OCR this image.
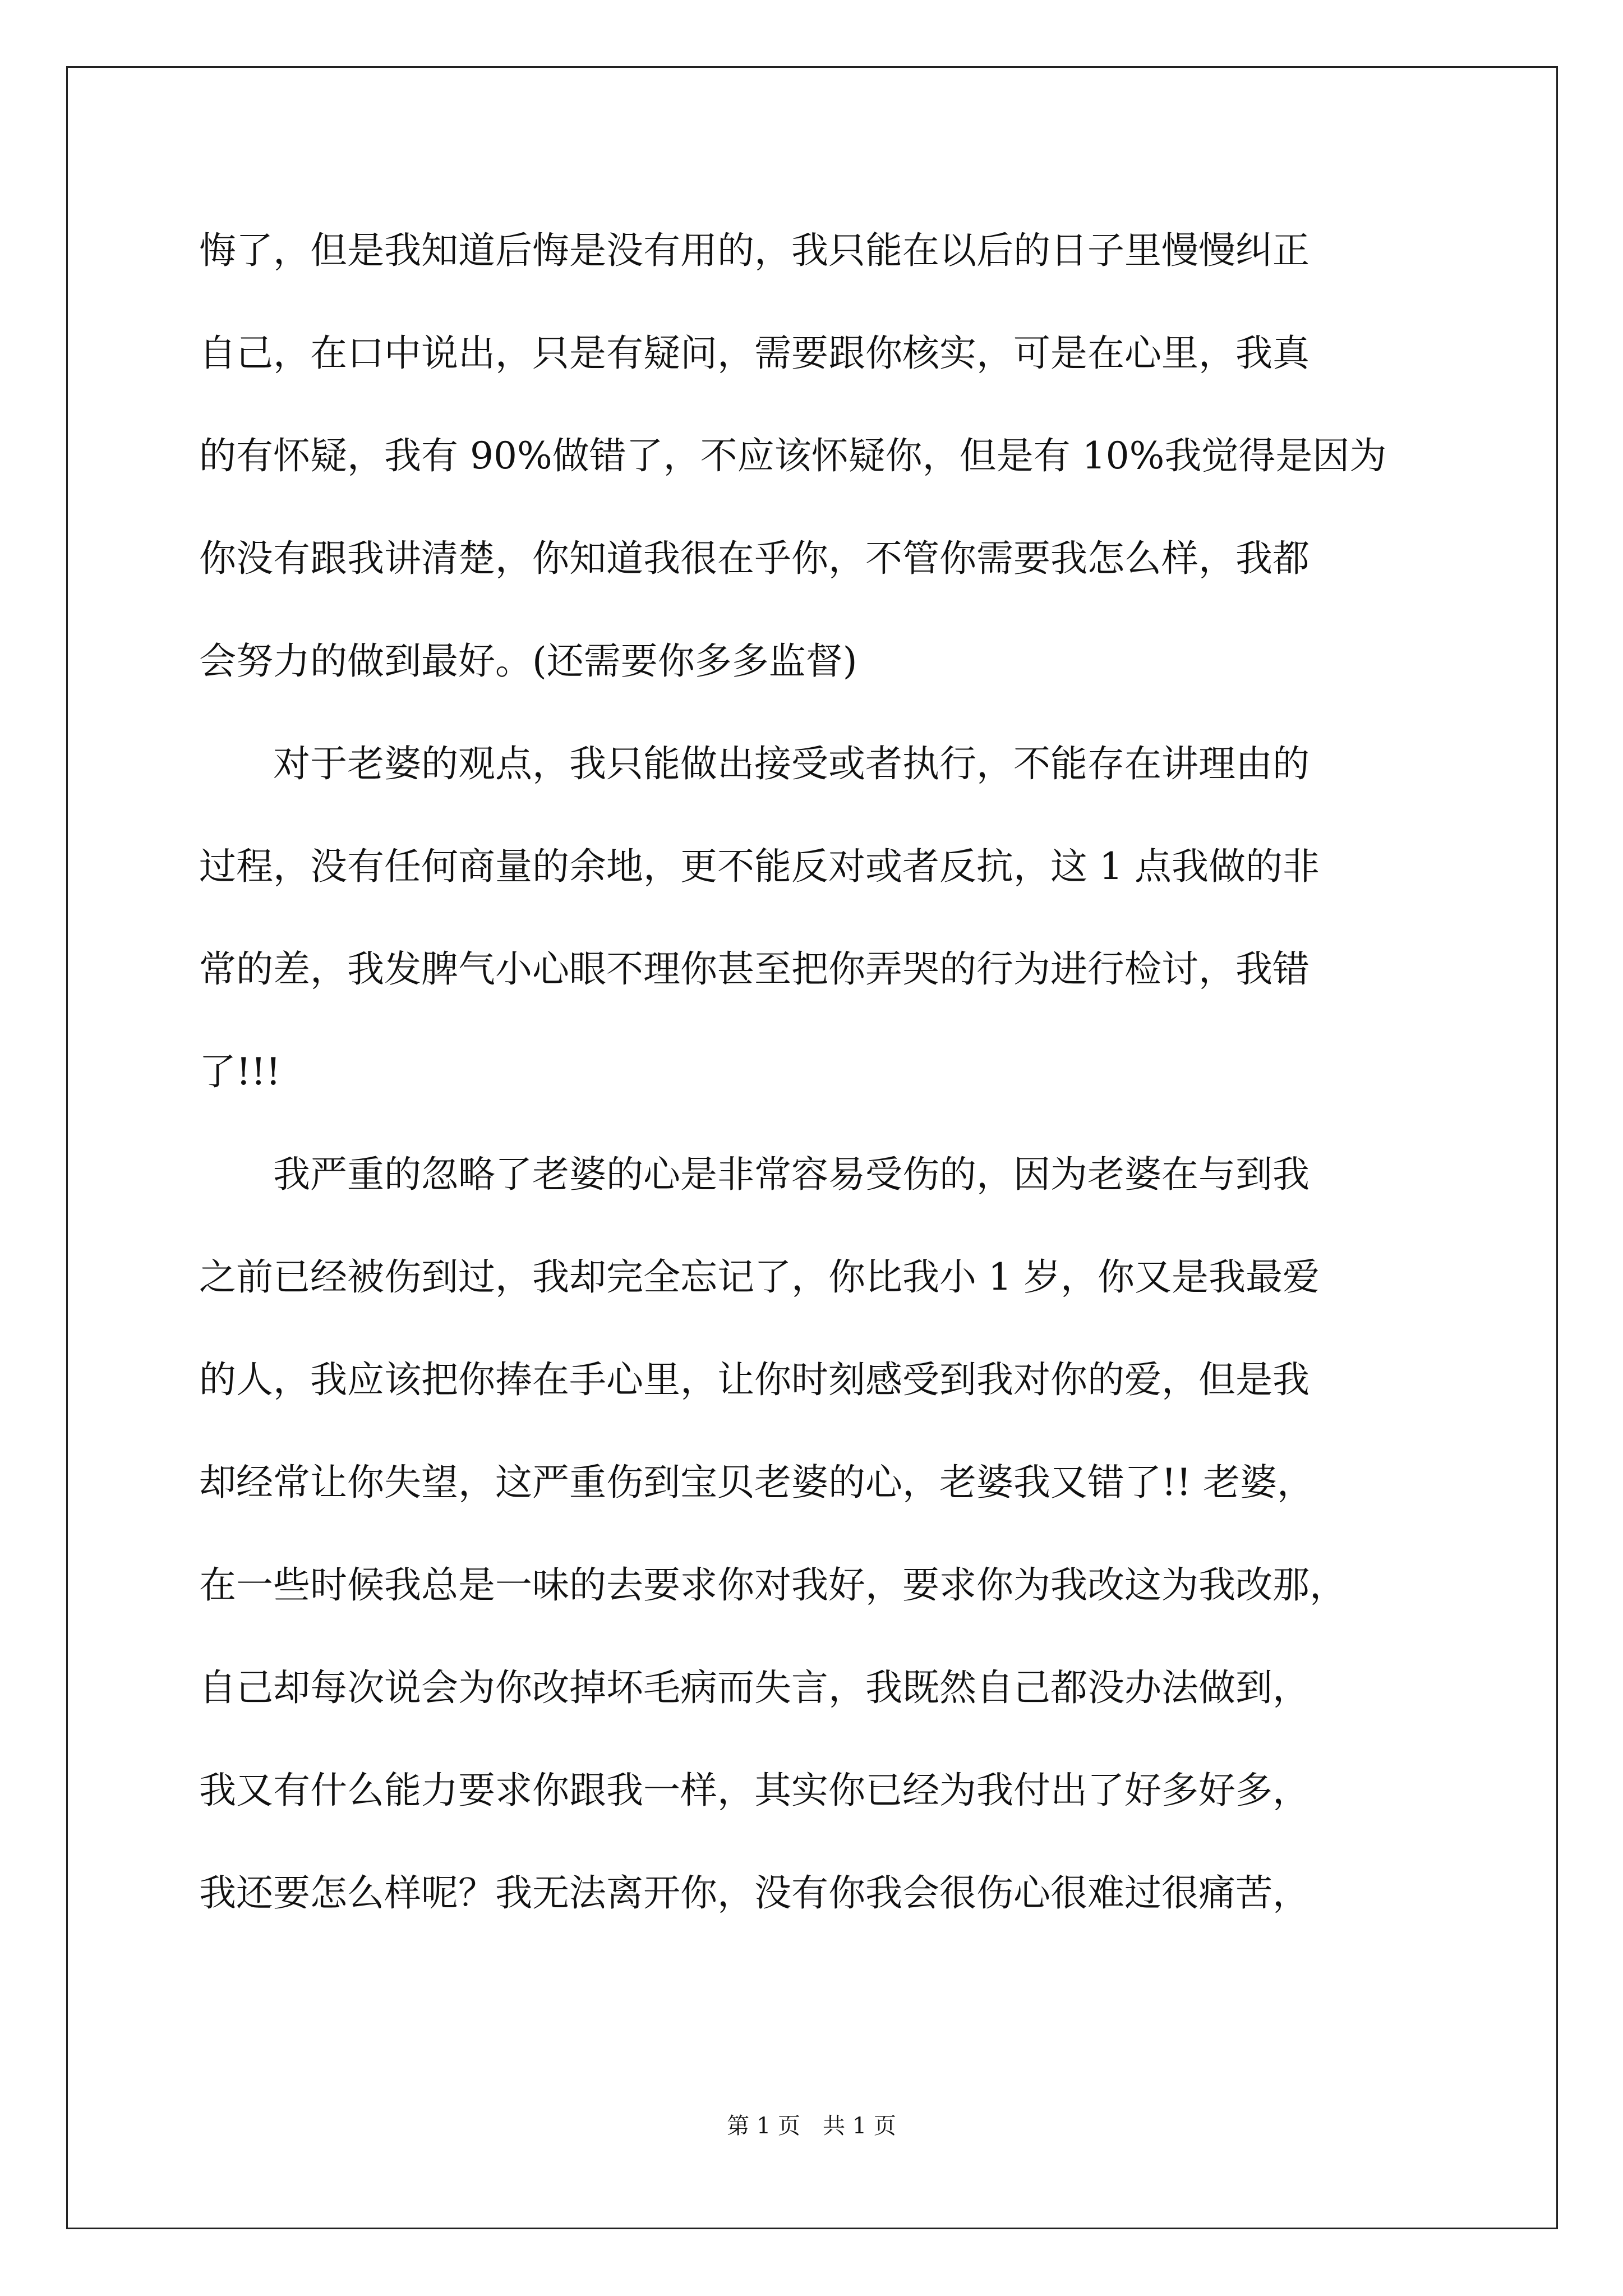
悔了，但是我知道后悔是没有用的，我只能在以后的日子里慢慢纠正
自己，在口中说出，只是有疑问，需要跟你核实，可是在心里，我真
的有怀疑，我有 90%做错了，不应该怀疑你，但是有 10%我觉得是因为
你没有跟我讲清楚，你知道我很在乎你，不管你需要我怎么样，我都
会努力的做到最好。(还需要你多多监督)
　　对于老婆的观点，我只能做出接受或者执行，不能存在讲理由的
过程，没有任何商量的余地，更不能反对或者反抗，这 1 点我做的非
常的差，我发脾气小心眼不理你甚至把你弄哭的行为进行检讨，我错
了!!!
　　我严重的忽略了老婆的心是非常容易受伤的，因为老婆在与到我
之前已经被伤到过，我却完全忘记了，你比我小 1 岁，你又是我最爱
的人，我应该把你捧在手心里，让你时刻感受到我对你的爱，但是我
却经常让你失望，这严重伤到宝贝老婆的心，老婆我又错了!! 老婆，
在一些时候我总是一味的去要求你对我好，要求你为我改这为我改那，
自己却每次说会为你改掉坏毛病而失言，我既然自己都没办法做到，
我又有什么能力要求你跟我一样，其实你已经为我付出了好多好多，
我还要怎么样呢？我无法离开你，没有你我会很伤心很难过很痛苦，
第 1 页 共 1 页
